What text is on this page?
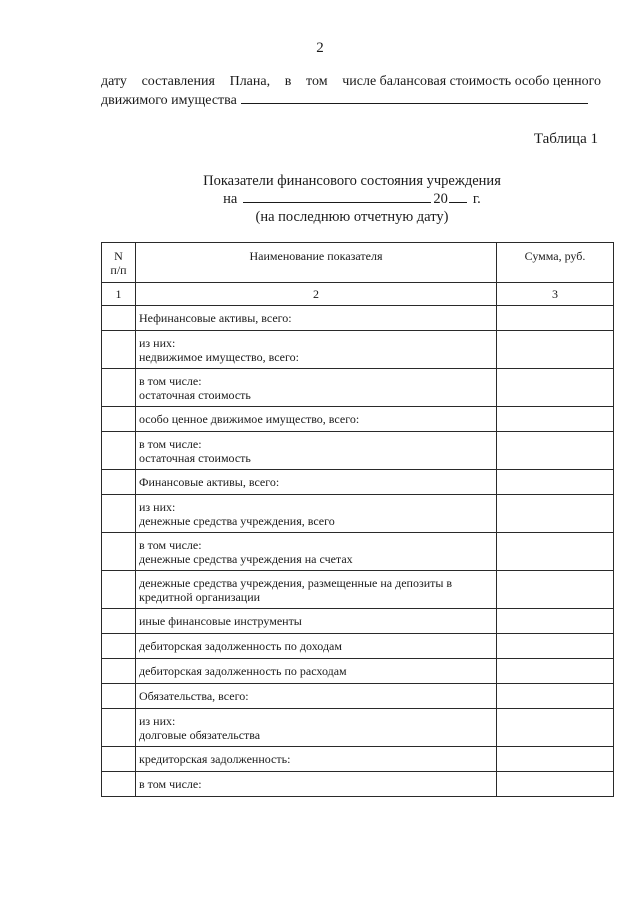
2
дату составления Плана, в том числе балансовая стоимость особо ценного
движимого имущества
Таблица 1
Показатели финансового состояния учреждения
на	20 г.
(на последнюю отчетную дату)
N
п/п	Наименование показателя	Сумма, руб.
1	2	3

	Нефинансовые активы, всего:	

	из них:
недвижимое имущество, всего:	

	в том числе:
остаточная стоимость	

	особо ценное движимое имущество, всего:	

	в том числе:
остаточная стоимость	

	Финансовые активы, всего:	

	из них:
денежные средства учреждения, всего	

	в том числе:
денежные средства учреждения на счетах	

	денежные средства учреждения, размещенные на депозиты в
кредитной организации	

	иные финансовые инструменты	

	дебиторская задолженность по доходам	

	дебиторская задолженность по расходам	

	Обязательства, всего:	

	из них:
долговые обязательства	

	кредиторская задолженность:	

	в том числе:	
